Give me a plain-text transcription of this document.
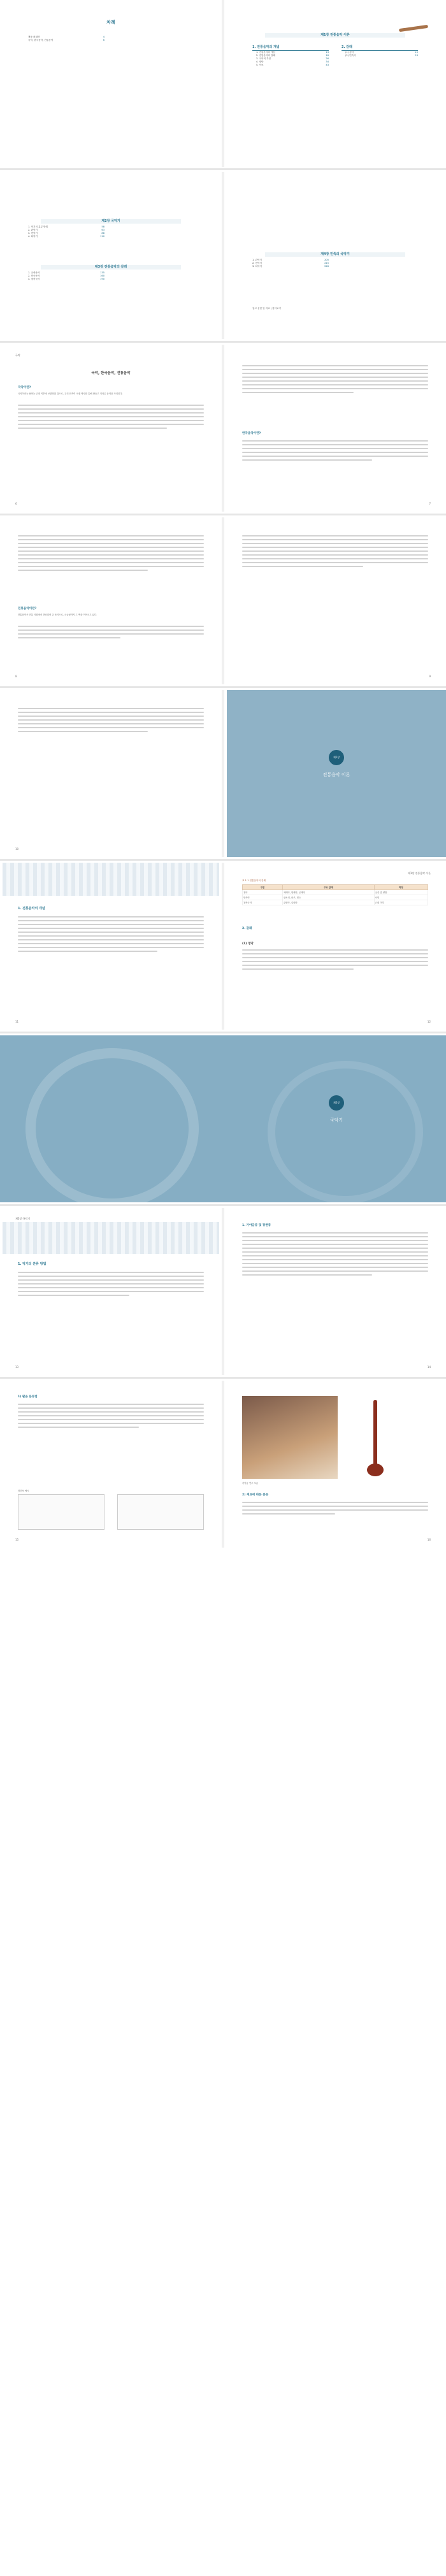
차례
책을 펴내며	4
국악, 한국음악, 전통음악	6
제1장 전통음악 이론
1. 전통음악의 개념
1. 전통음악의 개념	13
2. 전통음악의 갈래	18
3. 국악의 특징	26
4. 장단	34
5. 악보	43
2. 갈래
(1) 정악	20
(2) 민속악	23
제2장 국악기
1. 악기의 분류 방법	58
2. 관악기	63
3. 현악기	88
4. 타악기	110
제3장 전통음악의 갈래
1. 궁중음악	135
2. 민속음악	160
3. 창작국악	190
제4장 민족의 국악기
1. 관악기	205
2. 현악기	215
3. 타악기	228
참고 문헌 및 자료 | 찾아보기
국악
국악, 한국음악, 전통음악
국악이란?
국악이라는 용어는 근대 이후에 보편화된 것으로, 우리 민족이 오랜 역사를 통해 만들고 지켜온 음악을 가리킨다.
6
한국음악이란?
7
전통음악이란?
전통음악은 전통 사회에서 전승되어 온 음악으로, 오늘날까지 그 맥을 이어오고 있다.
8	9
10
제1장
전통음악 이론
1. 전통음악의 개념
11
제1장 전통음악 이론
표 1-1 전통음악의 갈래
구분	주요 갈래	특징
정악	제례악, 연례악, 군례악	궁중 및 양반
민속악	판소리, 산조, 민요	서민
창작국악	관현악, 실내악	근대 이후
2. 갈래
(1) 정악
12
제2장
국악기
제2장 국악기
1. 악기의 분류 방법
13
1. 가야금류 및 장현류
14
1) 팔음 분류법
정간보 예시
15
가야금 연주 모습
2) 재료에 따른 분류
16
